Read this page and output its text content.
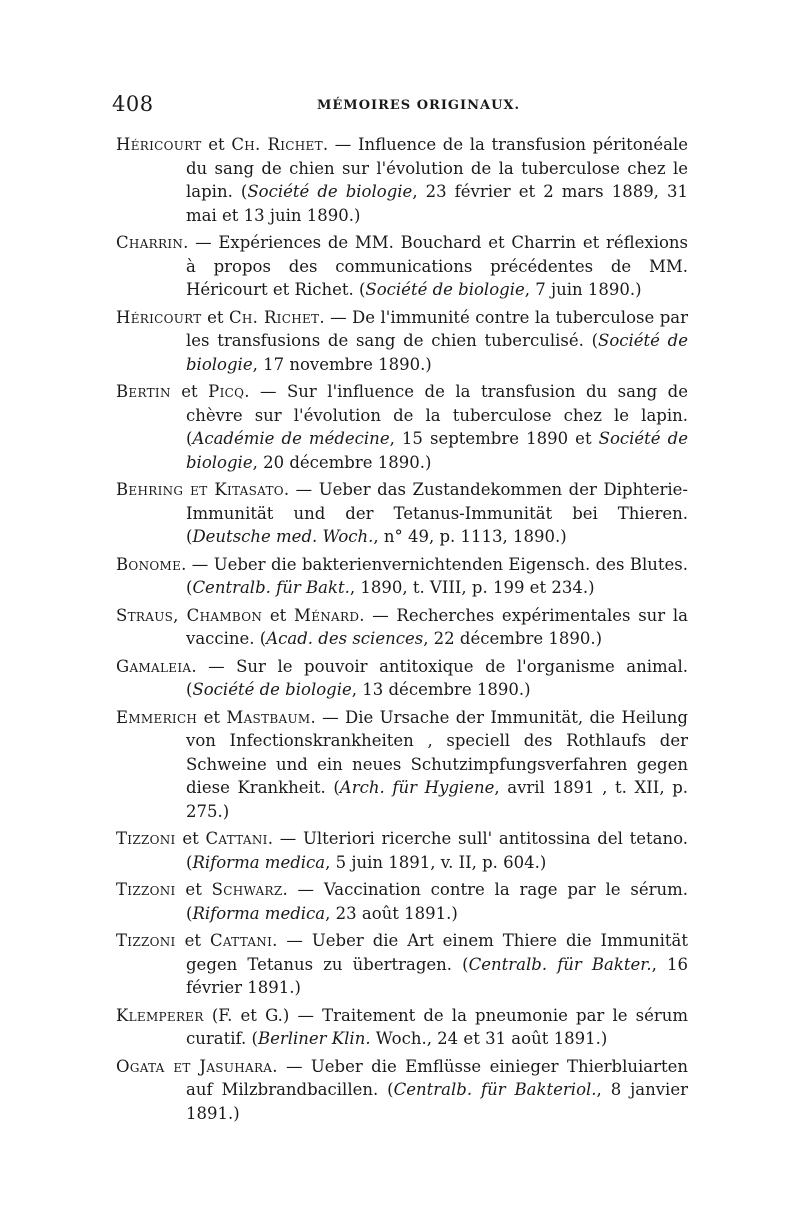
408	MÉMOIRES ORIGINAUX.

Héricourt et Ch. Richet. — Influence de la transfusion péritonéale du sang de chien sur l'évolution de la tuberculose chez le lapin. (Société de biologie, 23 février et 2 mars 1889, 31 mai et 13 juin 1890.)

Charrin. — Expériences de MM. Bouchard et Charrin et réflexions à propos des communications précédentes de MM. Héricourt et Richet. (Société de biologie, 7 juin 1890.)

Héricourt et Ch. Richet. — De l'immunité contre la tuberculose par les transfusions de sang de chien tuberculisé. (Société de biologie, 17 novembre 1890.)

Bertin et Picq. — Sur l'influence de la transfusion du sang de chèvre sur l'évolution de la tuberculose chez le lapin. (Académie de médecine, 15 septembre 1890 et Société de biologie, 20 décembre 1890.)

Behring et Kitasato. — Ueber das Zustandekommen der Diphterie-Immunität und der Tetanus-Immunität bei Thieren. (Deutsche med. Woch., n° 49, p. 1113, 1890.)

Bonome. — Ueber die bakterienvernichtenden Eigensch. des Blutes. (Centralb. für Bakt., 1890, t. VIII, p. 199 et 234.)

Straus, Chambon et Ménard. — Recherches expérimentales sur la vaccine. (Acad. des sciences, 22 décembre 1890.)

Gamaleia. — Sur le pouvoir antitoxique de l'organisme animal. (Société de biologie, 13 décembre 1890.)

Emmerich et Mastbaum. — Die Ursache der Immunität, die Heilung von Infectionskrankheiten , speciell des Rothlaufs der Schweine und ein neues Schutzimpfungsverfahren gegen diese Krankheit. (Arch. für Hygiene, avril 1891 , t. XII, p. 275.)

Tizzoni et Cattani. — Ulteriori ricerche sull' antitossina del tetano. (Riforma medica, 5 juin 1891, v. II, p. 604.)

Tizzoni et Schwarz. — Vaccination contre la rage par le sérum. (Riforma medica, 23 août 1891.)

Tizzoni et Cattani. — Ueber die Art einem Thiere die Immunität gegen Tetanus zu übertragen. (Centralb. für Bakter., 16 février 1891.)

Klemperer (F. et G.) — Traitement de la pneumonie par le sérum curatif. (Berliner Klin. Woch., 24 et 31 août 1891.)

Ogata et Jasuhara. — Ueber die Emflüsse einieger Thierbluiarten auf Milzbrandbacillen. (Centralb. für Bakteriol., 8 janvier 1891.)
